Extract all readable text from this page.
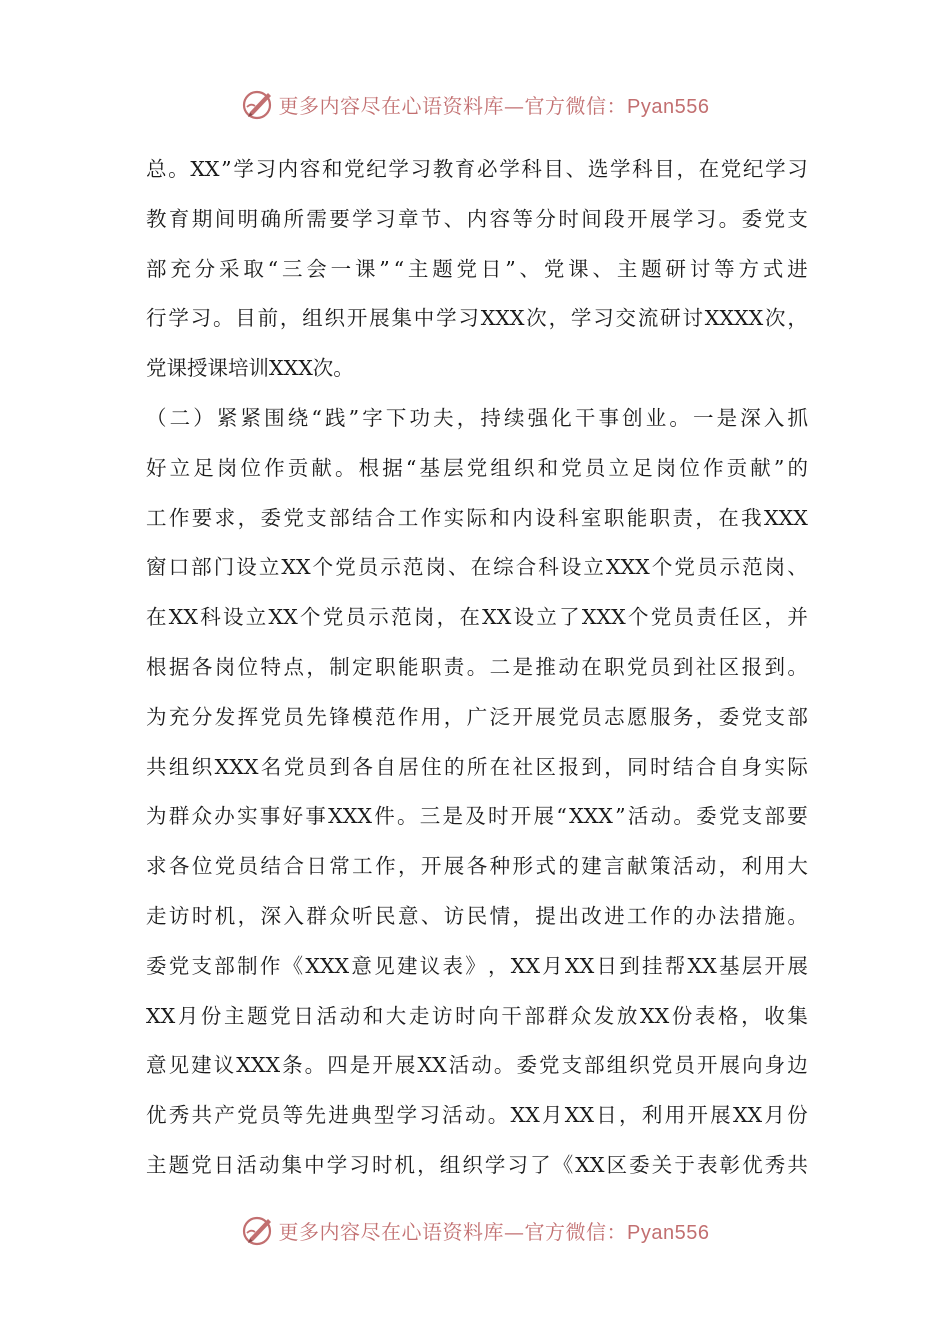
更多内容尽在心语资料库—官方微信：Pyan556
总 。 XX ” 学 习 内 容 和 党 纪 学 习 教 育 必 学 科 目 、 选 学 科 目 ， 在 党 纪 学 习
教 育 期 间 明 确 所 需 要 学 习 章 节 、 内 容 等 分 时 间 段 开 展 学 习 。 委 党 支
部 充 分 采 取 “ 三 会 一 课 ” “ 主 题 党 日 ” 、 党 课 、 主 题 研 讨 等 方 式 进
行 学 习 。 目 前 ， 组 织 开 展 集 中 学 习 XXX 次 ， 学 习 交 流 研 讨 XXXX 次 ，
党 课 授 课 培 训 XXX 次 。
（ 二 ） 紧 紧 围 绕 “ 践 ” 字 下 功 夫 ， 持 续 强 化 干 事 创 业 。 一 是 深 入 抓
好 立 足 岗 位 作 贡 献 。 根 据 “ 基 层 党 组 织 和 党 员 立 足 岗 位 作 贡 献 ” 的
工 作 要 求 ， 委 党 支 部 结 合 工 作 实 际 和 内 设 科 室 职 能 职 责 ， 在 我 XXX
窗 口 部 门 设 立 XX 个 党 员 示 范 岗 、 在 综 合 科 设 立 XXX 个 党 员 示 范 岗 、
在 XX 科 设 立 XX 个 党 员 示 范 岗 ， 在 XX 设 立 了 XXX 个 党 员 责 任 区 ， 并
根 据 各 岗 位 特 点 ， 制 定 职 能 职 责 。 二 是 推 动 在 职 党 员 到 社 区 报 到 。
为 充 分 发 挥 党 员 先 锋 模 范 作 用 ， 广 泛 开 展 党 员 志 愿 服 务 ， 委 党 支 部
共 组 织 XXX 名 党 员 到 各 自 居 住 的 所 在 社 区 报 到 ， 同 时 结 合 自 身 实 际
为 群 众 办 实 事 好 事 XXX 件 。 三 是 及 时 开 展 “ XXX ” 活 动 。 委 党 支 部 要
求 各 位 党 员 结 合 日 常 工 作 ， 开 展 各 种 形 式 的 建 言 献 策 活 动 ， 利 用 大
走 访 时 机 ， 深 入 群 众 听 民 意 、 访 民 情 ， 提 出 改 进 工 作 的 办 法 措 施 。
委 党 支 部 制 作 《 XXX 意 见 建 议 表 》 ， XX 月 XX 日 到 挂 帮 XX 基 层 开 展
XX 月 份 主 题 党 日 活 动 和 大 走 访 时 向 干 部 群 众 发 放 XX 份 表 格 ， 收 集
意 见 建 议 XXX 条 。 四 是 开 展 XX 活 动 。 委 党 支 部 组 织 党 员 开 展 向 身 边
优 秀 共 产 党 员 等 先 进 典 型 学 习 活 动 。 XX 月 XX 日 ， 利 用 开 展 XX 月 份
主 题 党 日 活 动 集 中 学 习 时 机 ， 组 织 学 习 了 《 XX 区 委 关 于 表 彰 优 秀 共
更多内容尽在心语资料库—官方微信：Pyan556
